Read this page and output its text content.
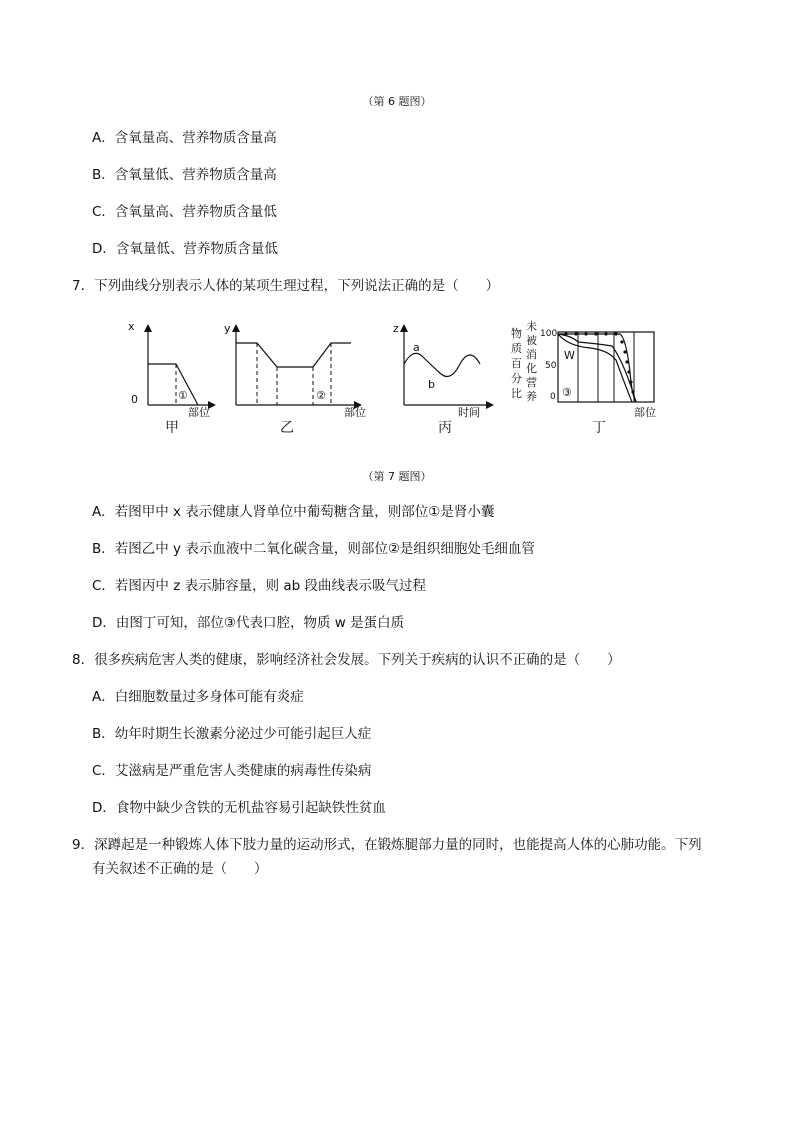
（第 6 题图）
A．含氧量高、营养物质含量高
B．含氧量低、营养物质含量高
C．含氧量高、营养物质含量低
D．含氧量低、营养物质含量低
7．下列曲线分别表示人体的某项生理过程，下列说法正确的是（　　）
x
0	①
部位
甲
y
②
部位
乙
z
a
b
时间
丙
物
质
百
分
比
未
被
消
化
营
养
100
50
0
W
③
部位
丁
（第 7 题图）
A．若图甲中 x 表示健康人肾单位中葡萄糖含量，则部位①是肾小囊
B．若图乙中 y 表示血液中二氧化碳含量，则部位②是组织细胞处毛细血管
C．若图丙中 z 表示肺容量，则 ab 段曲线表示吸气过程
D．由图丁可知，部位③代表口腔，物质 w 是蛋白质
8．很多疾病危害人类的健康，影响经济社会发展。下列关于疾病的认识不正确的是（　　）
A．白细胞数量过多身体可能有炎症
B．幼年时期生长激素分泌过少可能引起巨人症
C．艾滋病是严重危害人类健康的病毒性传染病
D．食物中缺少含铁的无机盐容易引起缺铁性贫血
9．深蹲起是一种锻炼人体下肢力量的运动形式，在锻炼腿部力量的同时，也能提高人体的心肺功能。下列
有关叙述不正确的是（　　）
